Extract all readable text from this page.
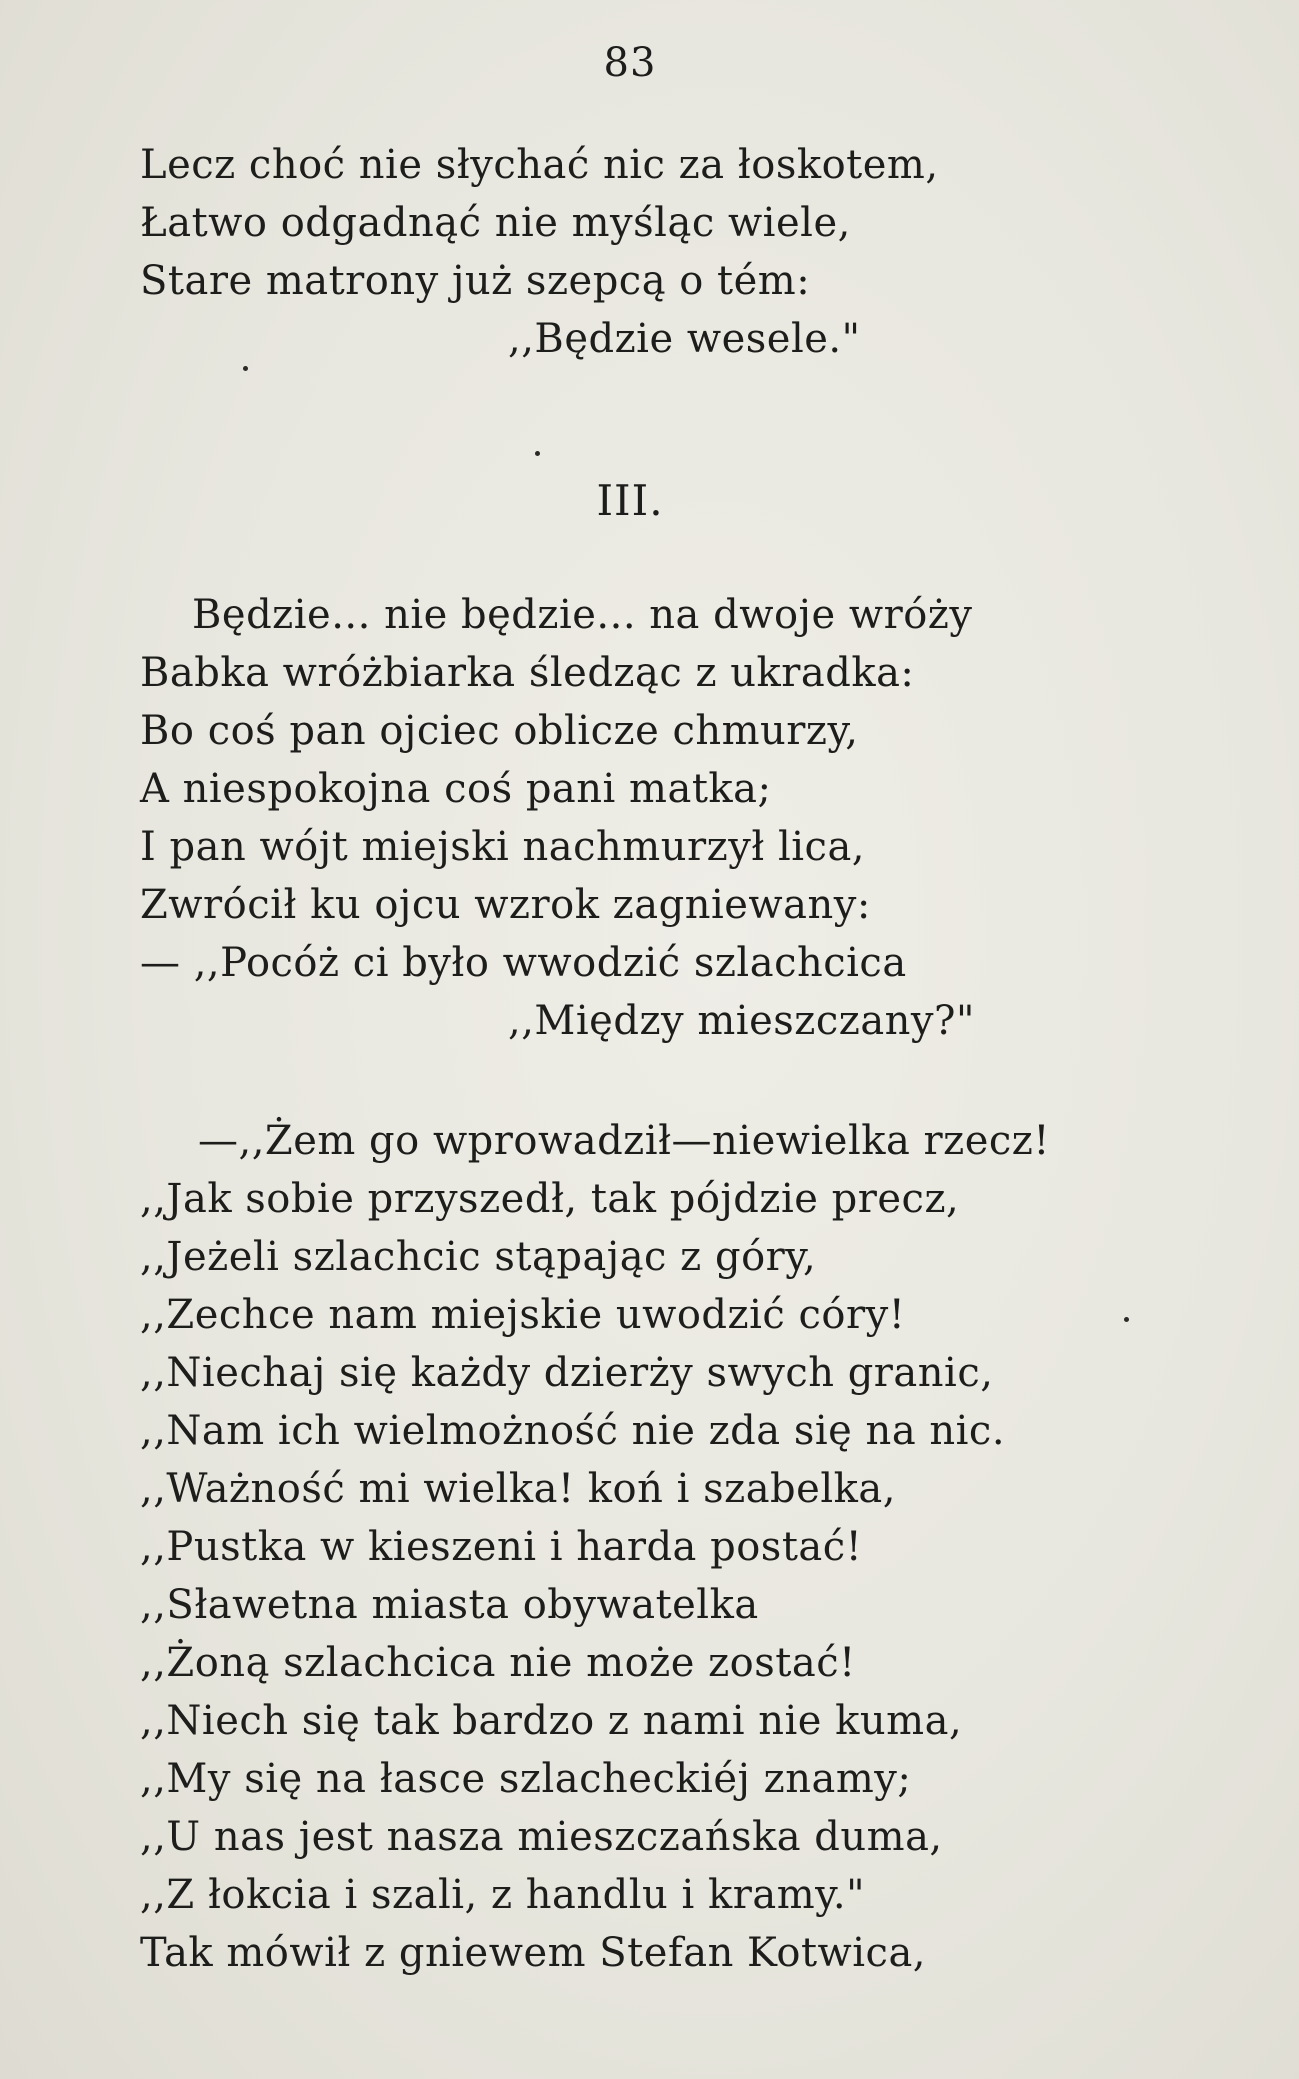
83
Lecz choć nie słychać nic za łoskotem,
Łatwo odgadnąć nie myśląc wiele,
Stare matrony już szepcą o tém:
,,Będzie wesele."
III.
Będzie... nie będzie... na dwoje wróży
Babka wróżbiarka śledząc z ukradka:
Bo coś pan ojciec oblicze chmurzy,
A niespokojna coś pani matka;
I pan wójt miejski nachmurzył lica,
Zwrócił ku ojcu wzrok zagniewany:
— ,,Pocóż ci było wwodzić szlachcica
,,Między mieszczany?"
—,,Żem go wprowadził—niewielka rzecz!
,,Jak sobie przyszedł, tak pójdzie precz,
,,Jeżeli szlachcic stąpając z góry,
,,Zechce nam miejskie uwodzić córy!
,,Niechaj się każdy dzierży swych granic,
,,Nam ich wielmożność nie zda się na nic.
,,Ważność mi wielka! koń i szabelka,
,,Pustka w kieszeni i harda postać!
,,Sławetna miasta obywatelka
,,Żoną szlachcica nie może zostać!
,,Niech się tak bardzo z nami nie kuma,
,,My się na łasce szlacheckiéj znamy;
,,U nas jest nasza mieszczańska duma,
,,Z łokcia i szali, z handlu i kramy."
Tak mówił z gniewem Stefan Kotwica,
